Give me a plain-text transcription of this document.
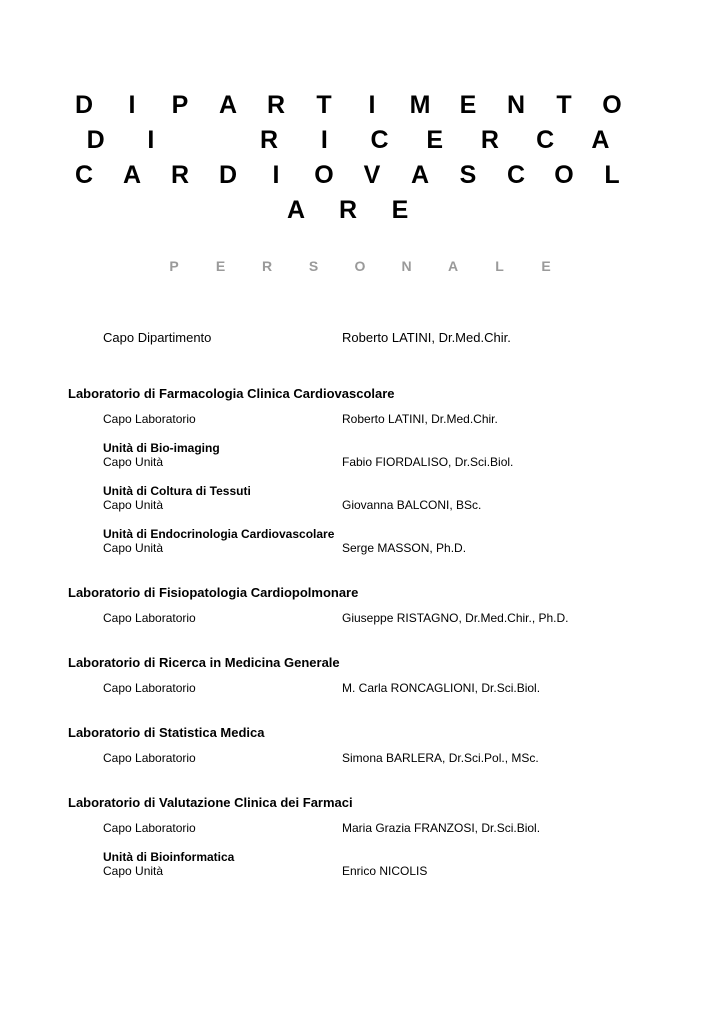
D	I	P	A R	T	I	M	E	N	T	O
D	I	R	I	C E R C A
C A R D	I	O	V	A	S	C O	L
A R	E
P	E	R	S	O	N	A	L	E
Capo Dipartimento	Roberto LATINI, Dr.Med.Chir.
Laboratorio di Farmacologia Clinica Cardiovascolare
Capo Laboratorio	Roberto LATINI, Dr.Med.Chir.
Unità di Bio-imaging
Capo Unità	Fabio FIORDALISO, Dr.Sci.Biol.
Unità di Coltura di Tessuti
Capo Unità	Giovanna BALCONI, BSc.
Unità di Endocrinologia Cardiovascolare
Capo Unità	Serge MASSON, Ph.D.
Laboratorio di Fisiopatologia Cardiopolmonare
Capo Laboratorio	Giuseppe RISTAGNO, Dr.Med.Chir., Ph.D.
Laboratorio di Ricerca in Medicina Generale
Capo Laboratorio	M. Carla RONCAGLIONI, Dr.Sci.Biol.
Laboratorio di Statistica Medica
Capo Laboratorio	Simona BARLERA, Dr.Sci.Pol., MSc.
Laboratorio di Valutazione Clinica dei Farmaci
Capo Laboratorio	Maria Grazia FRANZOSI, Dr.Sci.Biol.
Unità di Bioinformatica
Capo Unità	Enrico NICOLIS
